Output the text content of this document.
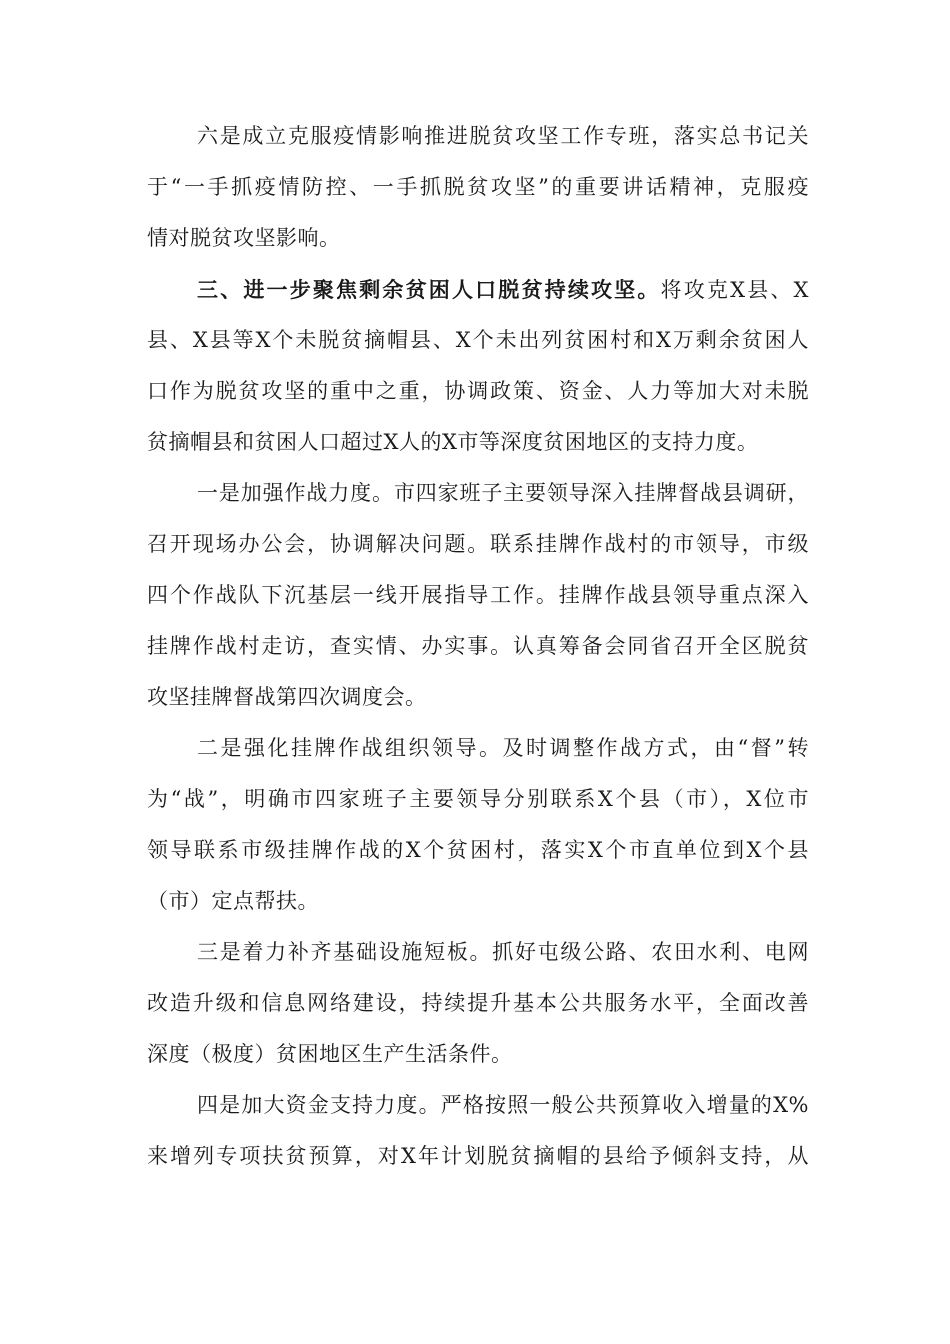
六是成立克服疫情影响推进脱贫攻坚工作专班，落实总书记关
于“一手抓疫情防控、一手抓脱贫攻坚”的重要讲话精神，克服疫
情对脱贫攻坚影响。
三、进一步聚焦剩余贫困人口脱贫持续攻坚。将攻克X县、X
县、X县等X个未脱贫摘帽县、X个未出列贫困村和X万剩余贫困人
口作为脱贫攻坚的重中之重，协调政策、资金、人力等加大对未脱
贫摘帽县和贫困人口超过X人的X市等深度贫困地区的支持力度。
一是加强作战力度。市四家班子主要领导深入挂牌督战县调研，
召开现场办公会，协调解决问题。联系挂牌作战村的市领导，市级
四个作战队下沉基层一线开展指导工作。挂牌作战县领导重点深入
挂牌作战村走访，查实情、办实事。认真筹备会同省召开全区脱贫
攻坚挂牌督战第四次调度会。
二是强化挂牌作战组织领导。及时调整作战方式，由“督”转
为“战”，明确市四家班子主要领导分别联系X个县（市），X位市
领导联系市级挂牌作战的X个贫困村，落实X个市直单位到X个县
（市）定点帮扶。
三是着力补齐基础设施短板。抓好屯级公路、农田水利、电网
改造升级和信息网络建设，持续提升基本公共服务水平，全面改善
深度（极度）贫困地区生产生活条件。
四是加大资金支持力度。严格按照一般公共预算收入增量的X%
来增列专项扶贫预算，对X年计划脱贫摘帽的县给予倾斜支持，从
